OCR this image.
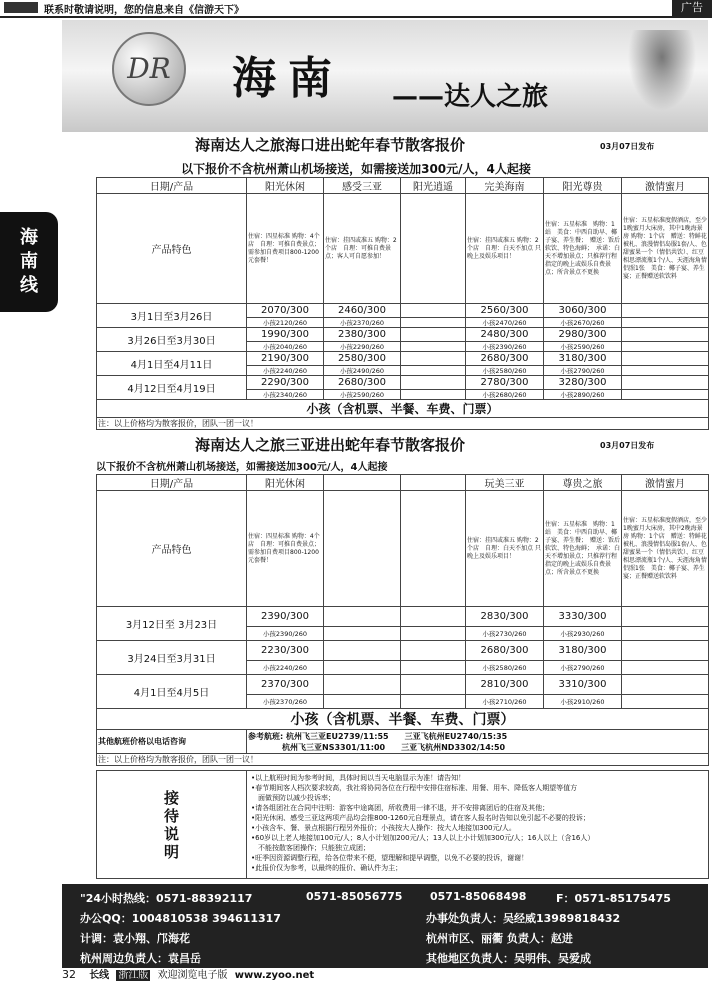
联系时敬请说明，您的信息来自《信游天下》	广告
海
南
线
DR	海南 ——达人之旅
海南达人之旅海口进出蛇年春节散客报价	03月07日发布
以下报价不含杭州萧山机场接送，如需接送加300元/人，4人起接
日期/产品	阳光休闲	感受三亚	阳光逍遥	完美海南	阳光尊贵	激情蜜月
产品特色	住宿：四星标准 购物：4个店　自理：可推自费景点；需参加自费项目800-1200元套餐！	住宿：挂四或准五 购物：2个店　自理：可推自费景点；客人可自愿参加！		住宿：挂四或准五 购物：2个店　自理：白天不加点 只晚上及娱乐项目！	住宿：五星标准　购物：1站　美食：中西自助早、椰子宴、养生餐；　赠送：饭后软饮、特色海鲜；　承诺：白天不增加景点；只推荐行程指定的晚上或娱乐自费景点；所含景点不更换	住宿：五星标准度假酒店，至少1晚蜜月大床房，其中1晚海景房 购物：1个店　赠送：特鲜花被札、浪漫情侣岛服1套/人、色甜蜜果一个（情侣共饮）、红豆相思漂流瓶1个/人、天涯海角情侣照1张　美食：椰子宴、养生宴；正餐赠送软饮料
3月1日至3月26日	2070/300	2460/300		2560/300	3060/300	
	小孩2120/260	小孩2370/260		小孩2470/260	小孩2670/260	
3月26日至3月30日	1990/300	2380/300		2480/300	2980/300	
	小孩2040/260	小孩2290/260		小孩2390/260	小孩2590/260	
4月1日至4月11日	2190/300	2580/300		2680/300	3180/300	
	小孩2240/260	小孩2490/260		小孩2580/260	小孩2790/260	
4月12日至4月19日	2290/300	2680/300		2780/300	3280/300	
	小孩2340/260	小孩2590/260		小孩2680/260	小孩2890/260	
小孩（含机票、半餐、车费、门票）						
注：以上价格均为散客报价，团队一团一议！						
海南达人之旅三亚进出蛇年春节散客报价	03月07日发布
以下报价不含杭州萧山机场接送，如需接送加300元/人，4人起接
日期/产品	阳光休闲			玩美三亚	尊贵之旅	激情蜜月
产品特色	住宿：四星标准 购物：4个店　自理：可推自费景点；需参加自费项目800-1200元套餐！			住宿：挂四或准五 购物：2个店　自理：白天不加点 只晚上及娱乐项目！	住宿：五星标准　购物：1站　美食：中西自助早、椰子宴、养生餐；　赠送：饭后软饮、特色海鲜；　承诺：白天不增加景点；只推荐行程指定的晚上或娱乐自费景点；所含景点不更换	住宿：五星标准度假酒店，至少1晚蜜月大床房，其中2晚海景房 购物：1个店　赠送：特鲜花被札、浪漫情侣岛服1套/人、色甜蜜果一个（情侣共饮）、红豆相思漂流瓶1个/人、天涯海角情侣照1张　美食：椰子宴、养生宴；正餐赠送软饮料
3月12日至 3月23日	2390/300			2830/300	3330/300	
	小孩2390/260			小孩2730/260	小孩2930/260	
3月24日至3月31日	2230/300			2680/300	3180/300	
	小孩2240/260			小孩2580/260	小孩2790/260	
4月1日至4月5日	2370/300			2810/300	3310/300	
	小孩2370/260			小孩2710/260	小孩2910/260	
小孩（含机票、半餐、车费、门票）						
其他航班价格以电话咨询	参考航班: 杭州飞三亚EU2739/11:55　　三亚飞杭州EU2740/15:35
杭州飞三亚NS3301/11:00　　三亚飞杭州ND3302/14:50					

注：以上价格均为散客报价，团队一团一议！						
接
待
说
明

•以上航班时间为参考时间，具体时间以当天电脑显示为准！请告知！
•春节期间客人档次要求较高，我社将协同各位在行程中安排住宿标准、用餐、用车、降低客人期望等值方
　面做预防以减少投诉率；
•请各组团社在合同中注明：游客中途离团，所收费用一律不退，并不安排离团后的住宿及其他；
•阳光休闲、感受三亚这两项产品均会推800-1260元自理景点，请在客人报名时告知以免引起不必要的投诉；
•小孩含车、餐、景点根据行程另外报价；小孩按大人操作：按大人地接加300元/人。
•60岁以上老人地接加100元/人；8人小计划加200元/人；13人以上小计划加300元/人；16人以上（含16人）
　不能按散客团操作；只能独立成团；
•旺季因资源调整行程，给各位带来不便，望理解和提早调整，以免不必要的投诉，谢谢！
•此报价仅为参考，以最终的报价、确认件为主；
"24小时热线：0571-88392117	0571-85056775	0571-85068498	F：0571-85175475
办公QQ：1004810538 394611317	办事处负责人：吴经威13989818432
计调：袁小翔、邝海花	杭州市区、丽衢 负责人：赵进
杭州周边负责人：袁昌岳	其他地区负责人：吴明伟、吴爱成
32 长线 浙江版 欢迎浏览电子版 www.zyoo.net
